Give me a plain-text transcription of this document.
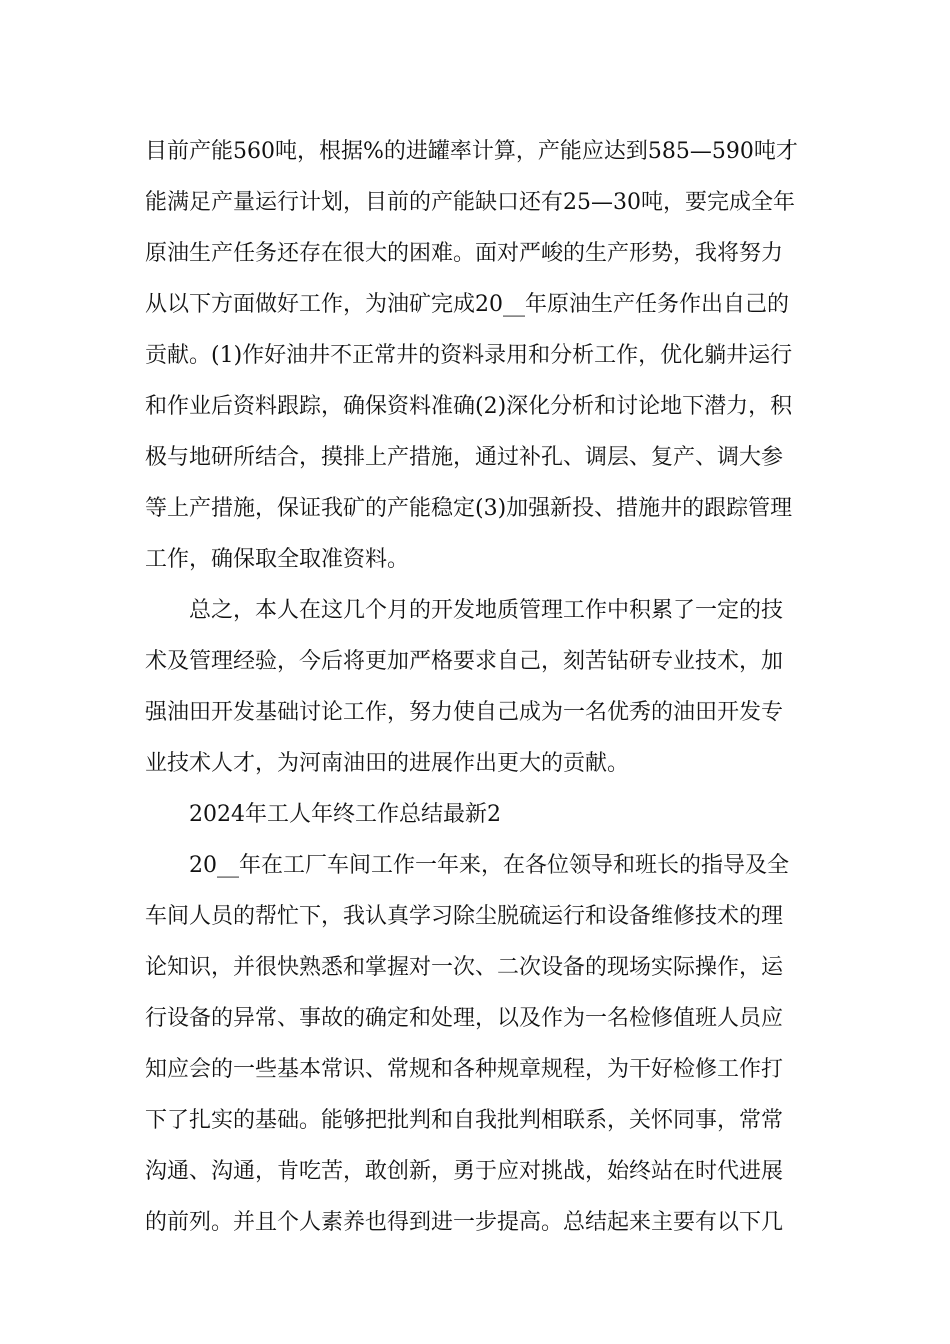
目前产能560吨，根据%的进罐率计算，产能应达到585—590吨才
能满足产量运行计划，目前的产能缺口还有25—30吨，要完成全年
原油生产任务还存在很大的困难。面对严峻的生产形势，我将努力
从以下方面做好工作，为油矿完成20__年原油生产任务作出自己的
贡献。(1)作好油井不正常井的资料录用和分析工作，优化躺井运行
和作业后资料跟踪，确保资料准确(2)深化分析和讨论地下潜力，积
极与地研所结合，摸排上产措施，通过补孔、调层、复产、调大参
等上产措施，保证我矿的产能稳定(3)加强新投、措施井的跟踪管理
工作，确保取全取准资料。
总之，本人在这几个月的开发地质管理工作中积累了一定的技
术及管理经验，今后将更加严格要求自己，刻苦钻研专业技术，加
强油田开发基础讨论工作，努力使自己成为一名优秀的油田开发专
业技术人才，为河南油田的进展作出更大的贡献。
2024年工人年终工作总结最新2
20__年在工厂车间工作一年来，在各位领导和班长的指导及全
车间人员的帮忙下，我认真学习除尘脱硫运行和设备维修技术的理
论知识，并很快熟悉和掌握对一次、二次设备的现场实际操作，运
行设备的异常、事故的确定和处理，以及作为一名检修值班人员应
知应会的一些基本常识、常规和各种规章规程，为干好检修工作打
下了扎实的基础。能够把批判和自我批判相联系，关怀同事，常常
沟通、沟通，肯吃苦，敢创新，勇于应对挑战，始终站在时代进展
的前列。并且个人素养也得到进一步提高。总结起来主要有以下几
